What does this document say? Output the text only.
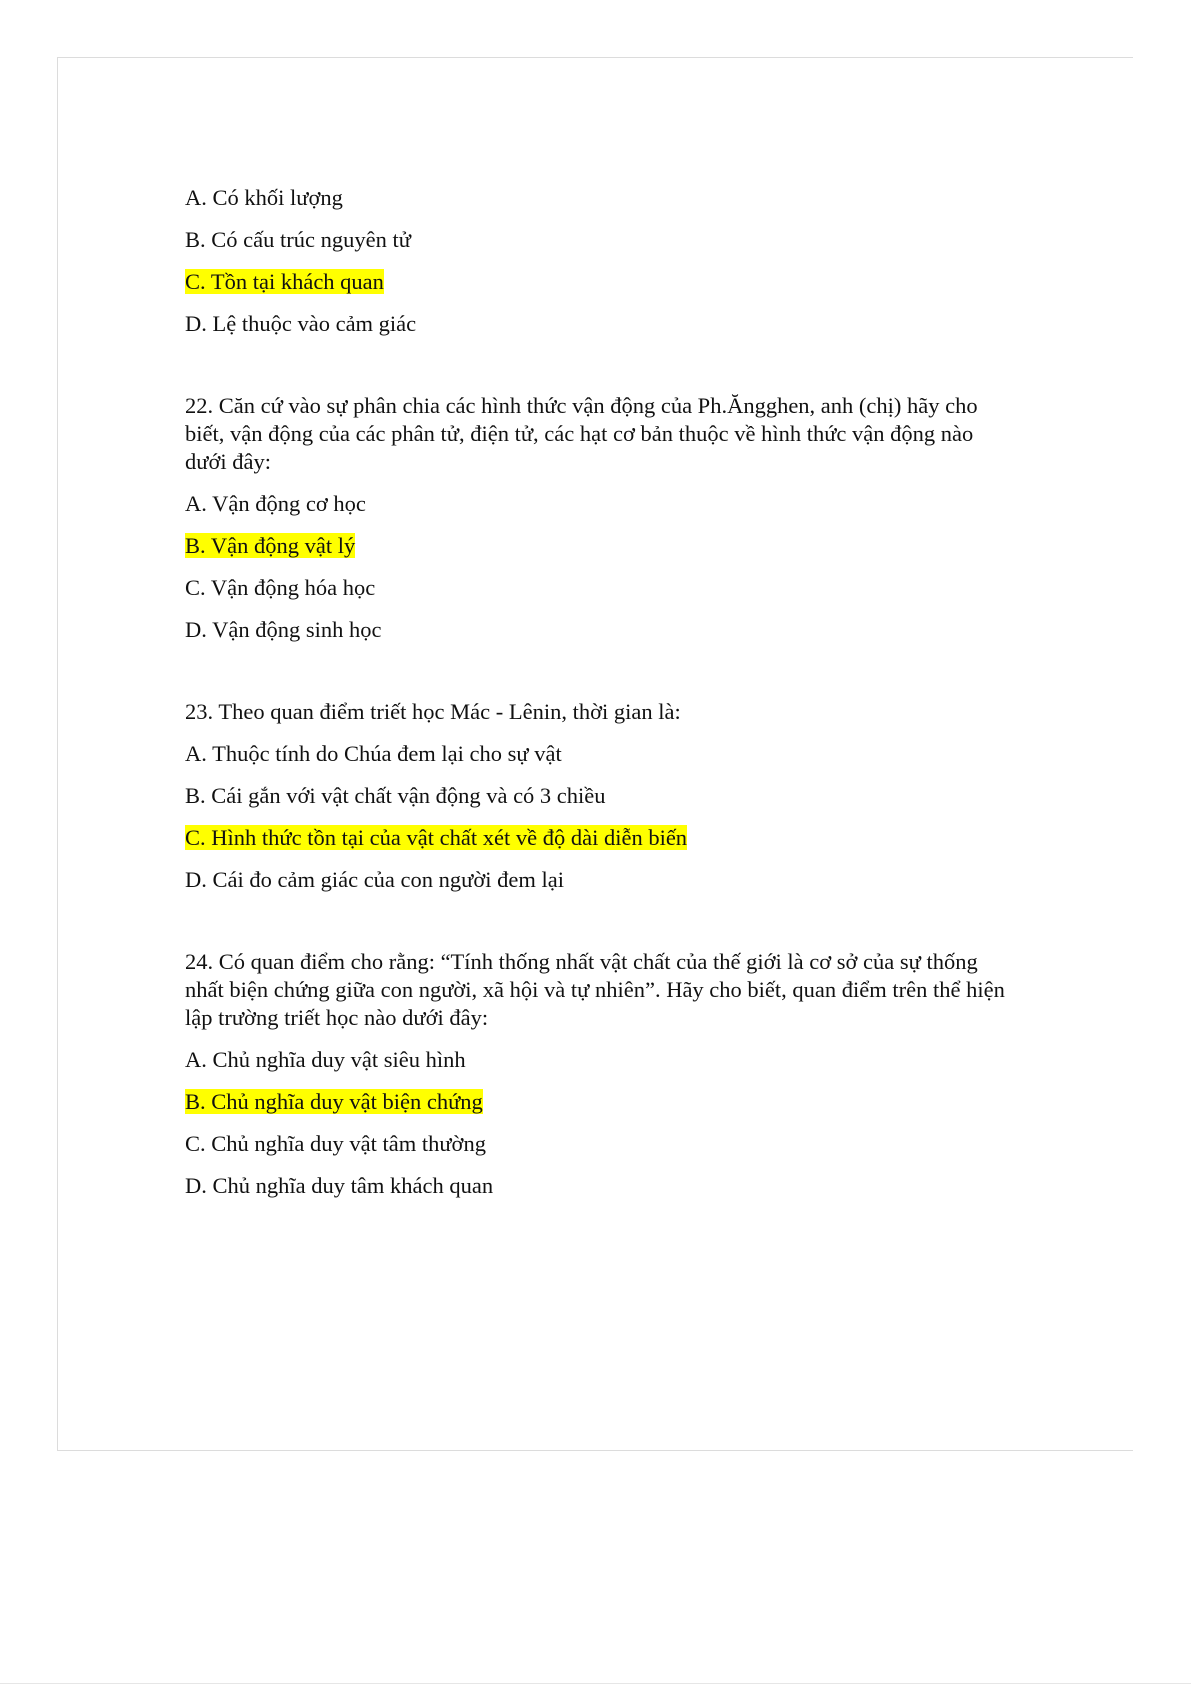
A. Có khối lượng

B. Có cấu trúc nguyên tử

C. Tồn tại khách quan

D. Lệ thuộc vào cảm giác

22. Căn cứ vào sự phân chia các hình thức vận động của Ph.Ăngghen, anh (chị) hãy cho biết, vận động của các phân tử, điện tử, các hạt cơ bản thuộc về hình thức vận động nào dưới đây:

A. Vận động cơ học

B. Vận động vật lý

C. Vận động hóa học

D. Vận động sinh học

23. Theo quan điểm triết học Mác - Lênin, thời gian là:

A. Thuộc tính do Chúa đem lại cho sự vật

B. Cái gắn với vật chất vận động và có 3 chiều

C. Hình thức tồn tại của vật chất xét về độ dài diễn biến

D. Cái đo cảm giác của con người đem lại

24. Có quan điểm cho rằng: “Tính thống nhất vật chất của thế giới là cơ sở của sự thống nhất biện chứng giữa con người, xã hội và tự nhiên”. Hãy cho biết, quan điểm trên thể hiện lập trường triết học nào dưới đây:

A. Chủ nghĩa duy vật siêu hình

B. Chủ nghĩa duy vật biện chứng

C. Chủ nghĩa duy vật tâm thường

D. Chủ nghĩa duy tâm khách quan
